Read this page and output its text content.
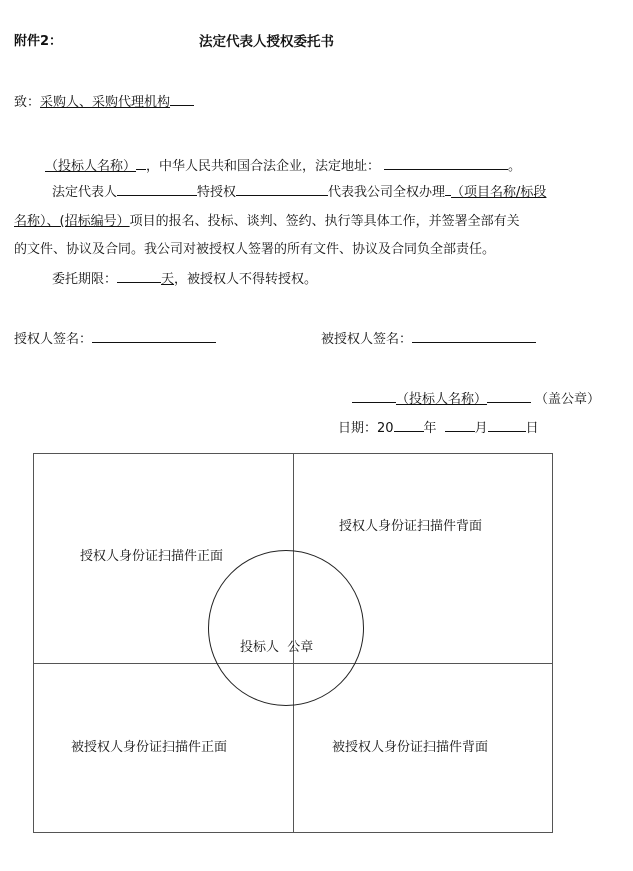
附件2：	法定代表人授权委托书
致：采购人、采购代理机构
（投标人名称） ，中华人民共和国合法企业，法定地址：	。
法定代表人	特授权	代表我公司全权办理 （项目名称/标段
名称）、(招标编号）项目的报名、投标、谈判、签约、执行等具体工作，并签署全部有关
的文件、协议及合同。我公司对被授权人签署的所有文件、协议及合同负全部责任。
委托期限：	天，被授权人不得转授权。
授权人签名：	被授权人签名：
（投标人名称）	（盖公章）
日期：20 年	月	日
授权人身份证扫描件正面
授权人身份证扫描件背面
被授权人身份证扫描件正面	被授权人身份证扫描件背面
投标人  公章
